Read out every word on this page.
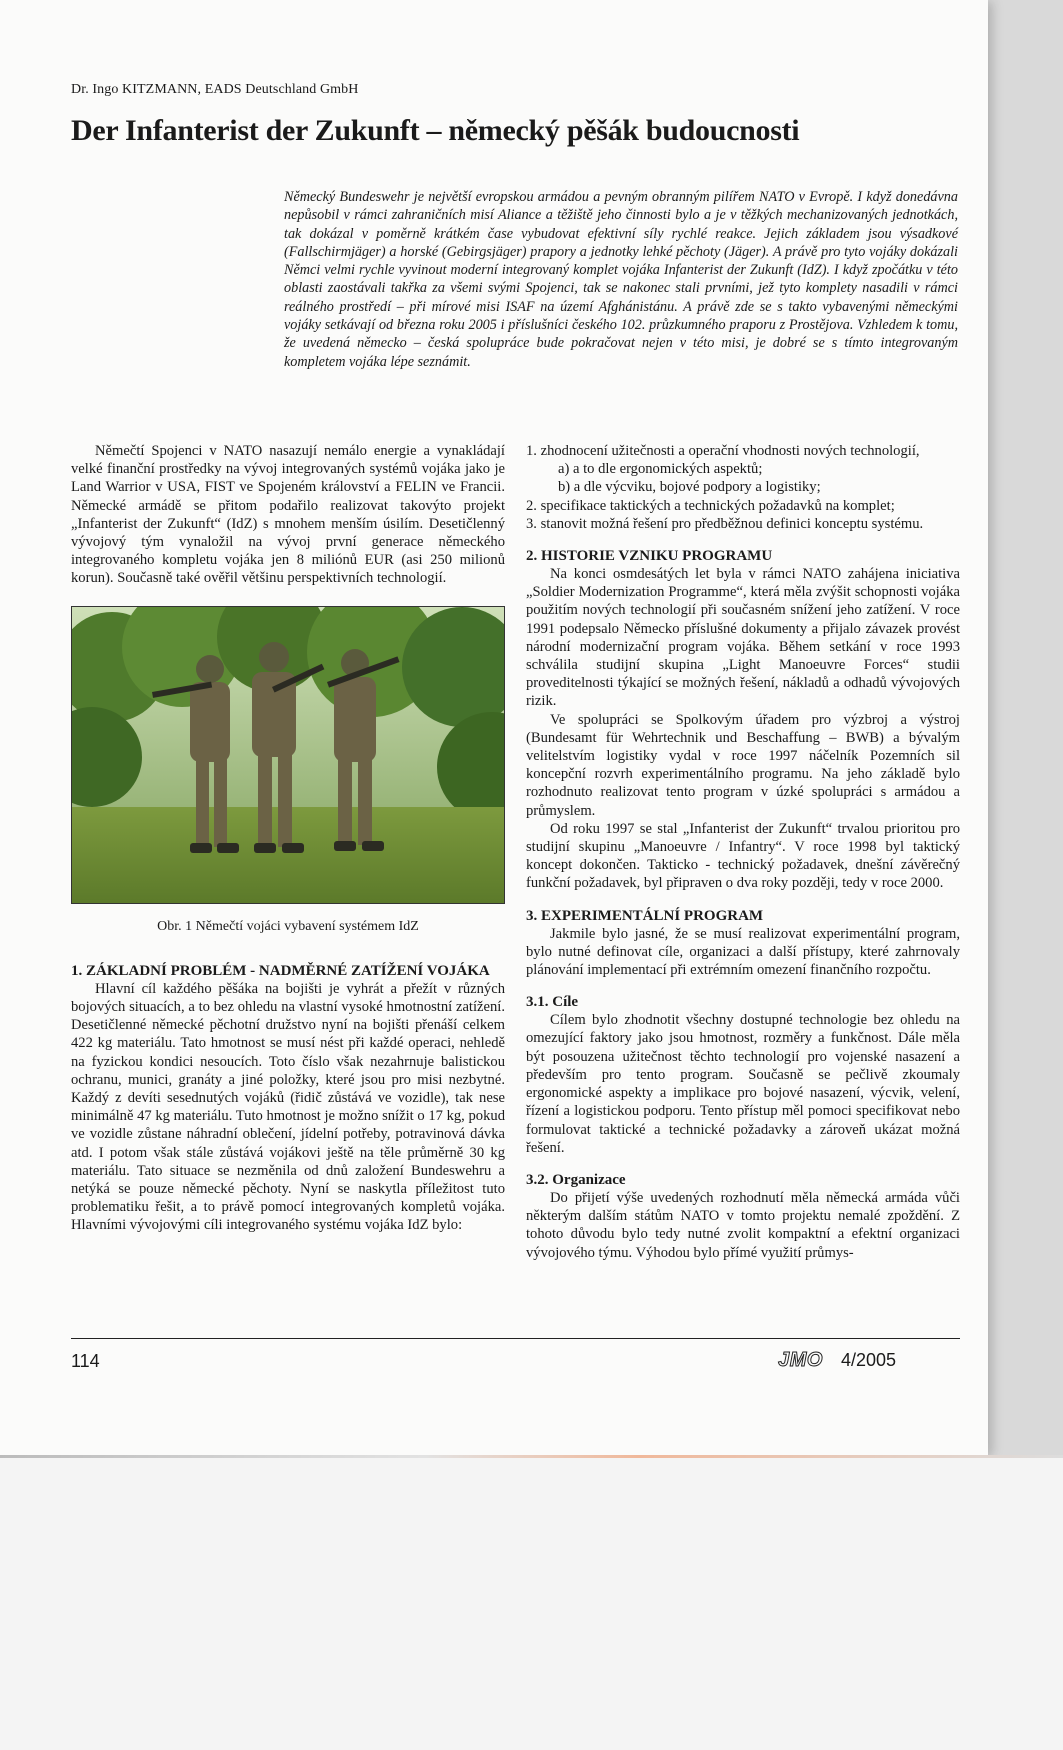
Dr. Ingo KITZMANN, EADS Deutschland GmbH
Der Infanterist der Zukunft – německý pěšák budoucnosti

Německý Bundeswehr je největší evropskou armádou a pevným obranným pilířem NATO v Evropě. I když donedávna nepůsobil v rámci zahraničních misí Aliance a těžiště jeho činnosti bylo a je v těžkých mechanizovaných jednotkách, tak dokázal v poměrně krátkém čase vybudovat efektivní síly rychlé reakce. Jejich základem jsou výsadkové (Fallschirmjäger) a horské (Gebirgsjäger) prapory a jednotky lehké pěchoty (Jäger). A právě pro tyto vojáky dokázali Němci velmi rychle vyvinout moderní integrovaný komplet vojáka Infanterist der Zukunft (IdZ). I když zpočátku v této oblasti zaostávali takřka za všemi svými Spojenci, tak se nakonec stali prvními, jež tyto komplety nasadili v rámci reálného prostředí – při mírové misi ISAF na území Afghánistánu. A právě zde se s takto vybavenými německými vojáky setkávají od března roku 2005 i příslušníci českého 102. průzkumného praporu z Prostějova. Vzhledem k tomu, že uvedená německo – česká spolupráce bude pokračovat nejen v této misi, je dobré se s tímto integrovaným kompletem vojáka lépe seznámit.

Němečtí Spojenci v NATO nasazují nemálo energie a vynakládají velké finanční prostředky na vývoj integrovaných systémů vojáka jako je Land Warrior v USA, FIST ve Spojeném království a FELIN ve Francii. Německé armádě se přitom podařilo realizovat takovýto projekt „Infanterist der Zukunft“ (IdZ) s mnohem menším úsilím. Desetičlenný vývojový tým vynaložil na vývoj první generace německého integrovaného kompletu vojáka jen 8 miliónů EUR (asi 250 milionů korun). Současně také ověřil většinu perspektivních technologií.

Obr. 1 Němečtí vojáci vybavení systémem IdZ
1. ZÁKLADNÍ PROBLÉM - NADMĚRNÉ ZATÍŽENÍ VOJÁKA

Hlavní cíl každého pěšáka na bojišti je vyhrát a přežít v různých bojových situacích, a to bez ohledu na vlastní vysoké hmotnostní zatížení. Desetičlenné německé pěchotní družstvo nyní na bojišti přenáší celkem 422 kg materiálu. Tato hmotnost se musí nést při každé operaci, nehledě na fyzickou kondici nesoucích. Toto číslo však nezahrnuje balistickou ochranu, munici, granáty a jiné položky, které jsou pro misi nezbytné. Každý z devíti sesednutých vojáků (řidič zůstává ve vozidle), tak nese minimálně 47 kg materiálu. Tuto hmotnost je možno snížit o 17 kg, pokud ve vozidle zůstane náhradní oblečení, jídelní potřeby, potravinová dávka atd. I potom však stále zůstává vojákovi ještě na těle průměrně 30 kg materiálu. Tato situace se nezměnila od dnů založení Bundeswehru a netýká se pouze německé pěchoty. Nyní se naskytla příležitost tuto problematiku řešit, a to právě pomocí integrovaných kompletů vojáka. Hlavními vývojovými cíli integrovaného systému vojáka IdZ bylo:

1. zhodnocení užitečnosti a operační vhodnosti nových technologií,
a) a to dle ergonomických aspektů;
b) a dle výcviku, bojové podpory a logistiky;
2. specifikace taktických a technických požadavků na komplet;
3. stanovit možná řešení pro předběžnou definici konceptu systému.
2. HISTORIE VZNIKU PROGRAMU

Na konci osmdesátých let byla v rámci NATO zahájena iniciativa „Soldier Modernization Programme“, která měla zvýšit schopnosti vojáka použitím nových technologií při současném snížení jeho zatížení. V roce 1991 podepsalo Německo příslušné dokumenty a přijalo závazek provést národní modernizační program vojáka. Během setkání v roce 1993 schválila studijní skupina „Light Manoeuvre Forces“ studii proveditelnosti týkající se možných řešení, nákladů a odhadů vývojových rizik.

Ve spolupráci se Spolkovým úřadem pro výzbroj a výstroj (Bundesamt für Wehrtechnik und Beschaffung – BWB) a bývalým velitelstvím logistiky vydal v roce 1997 náčelník Pozemních sil koncepční rozvrh experimentálního programu. Na jeho základě bylo rozhodnuto realizovat tento program v úzké spolupráci s armádou a průmyslem.

Od roku 1997 se stal „Infanterist der Zukunft“ trvalou prioritou pro studijní skupinu „Manoeuvre / Infantry“. V roce 1998 byl taktický koncept dokončen. Takticko - technický požadavek, dnešní závěrečný funkční požadavek, byl připraven o dva roky později, tedy v roce 2000.

3. EXPERIMENTÁLNÍ PROGRAM

Jakmile bylo jasné, že se musí realizovat experimentální program, bylo nutné definovat cíle, organizaci a další přístupy, které zahrnovaly plánování implementací při extrémním omezení finančního rozpočtu.

3.1. Cíle

Cílem bylo zhodnotit všechny dostupné technologie bez ohledu na omezující faktory jako jsou hmotnost, rozměry a funkčnost. Dále měla být posouzena užitečnost těchto technologií pro vojenské nasazení a především pro tento program. Současně se pečlivě zkoumaly ergonomické aspekty a implikace pro bojové nasazení, výcvik, velení, řízení a logistickou podporu. Tento přístup měl pomoci specifikovat nebo formulovat taktické a technické požadavky a zároveň ukázat možná řešení.

3.2. Organizace

Do přijetí výše uvedených rozhodnutí měla německá armáda vůči některým dalším státům NATO v tomto projektu nemalé zpoždění. Z tohoto důvodu bylo tedy nutné zvolit kompaktní a efektní organizaci vývojového týmu. Výhodou bylo přímé využití průmys-

114	JMO 4/2005
